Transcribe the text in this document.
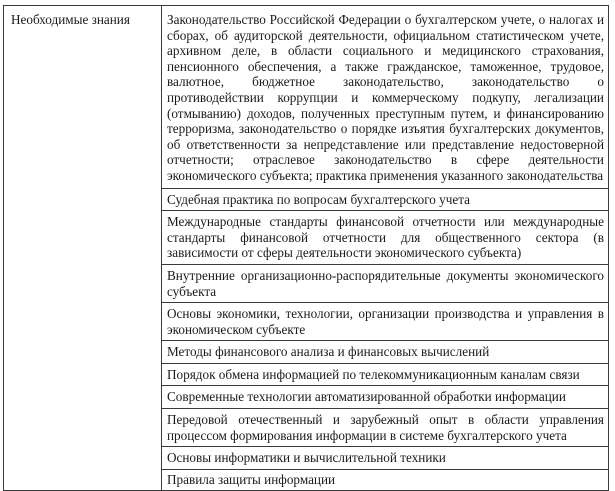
Необходимые знания	Законодательство Российской Федерации о бухгалтерском учете, о налогах и сборах, об аудиторской деятельности, официальном статистическом учете, архивном деле, в области социального и медицинского страхования, пенсионного обеспечения, а также гражданское, таможенное, трудовое, валютное, бюджетное законодательство, законодательство о противодействии коррупции и коммерческому подкупу, легализации (отмыванию) доходов, полученных преступным путем, и финансированию терроризма, законодательство о порядке изъятия бухгалтерских документов, об ответственности за непредставление или представление недостоверной отчетности; отраслевое законодательство в сфере деятельности экономического субъекта; практика применения указанного законодательства
Судебная практика по вопросам бухгалтерского учета
Международные стандарты финансовой отчетности или международные стандарты финансовой отчетности для общественного сектора (в зависимости от сферы деятельности экономического субъекта)
Внутренние организационно-распорядительные документы экономического субъекта
Основы экономики, технологии, организации производства и управления в экономическом субъекте
Методы финансового анализа и финансовых вычислений
Порядок обмена информацией по телекоммуникационным каналам связи
Современные технологии автоматизированной обработки информации
Передовой отечественный и зарубежный опыт в области управления процессом формирования информации в системе бухгалтерского учета
Основы информатики и вычислительной техники
Правила защиты информации
